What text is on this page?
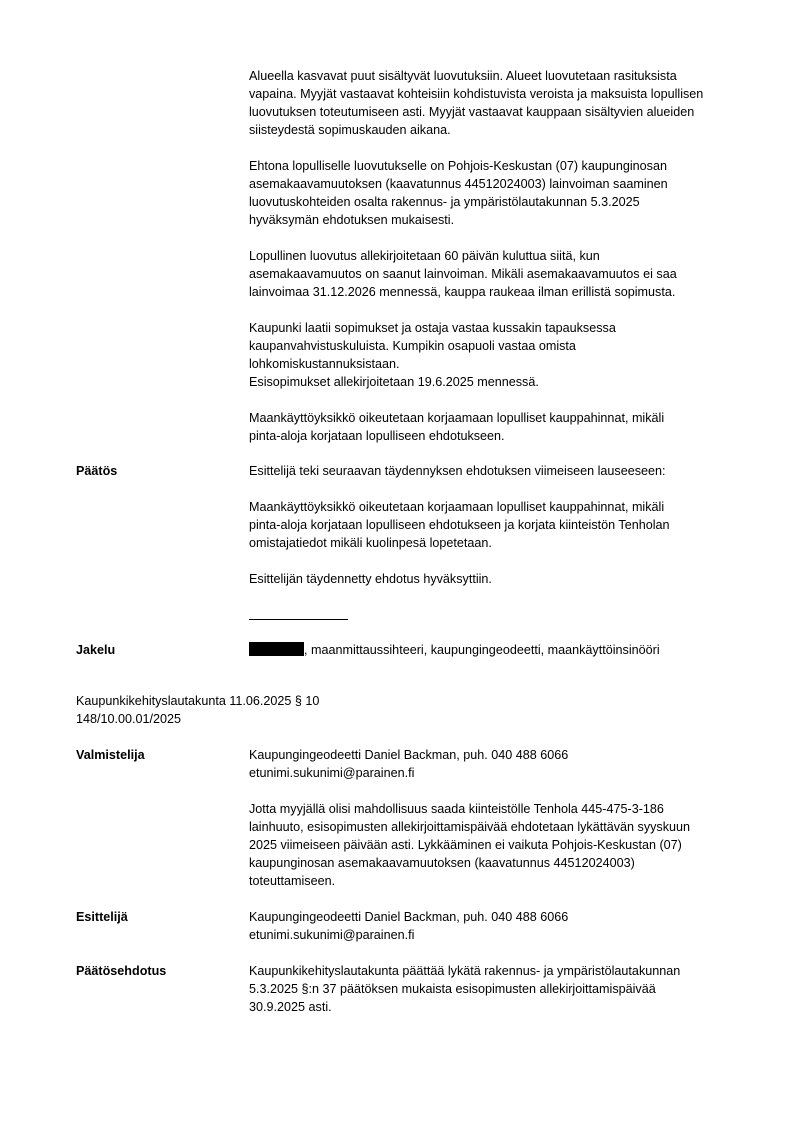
Alueella kasvavat puut sisältyvät luovutuksiin. Alueet luovutetaan rasituksista
vapaina. Myyjät vastaavat kohteisiin kohdistuvista veroista ja maksuista lopullisen
luovutuksen toteutumiseen asti. Myyjät vastaavat kauppaan sisältyvien alueiden
siisteydestä sopimuskauden aikana.
Ehtona lopulliselle luovutukselle on Pohjois-Keskustan (07) kaupunginosan
asemakaavamuutoksen (kaavatunnus 44512024003) lainvoiman saaminen
luovutuskohteiden osalta rakennus- ja ympäristölautakunnan 5.3.2025
hyväksymän ehdotuksen mukaisesti.
Lopullinen luovutus allekirjoitetaan 60 päivän kuluttua siitä, kun
asemakaavamuutos on saanut lainvoiman. Mikäli asemakaavamuutos ei saa
lainvoimaa 31.12.2026 mennessä, kauppa raukeaa ilman erillistä sopimusta.
Kaupunki laatii sopimukset ja ostaja vastaa kussakin tapauksessa
kaupanvahvistuskuluista. Kumpikin osapuoli vastaa omista
lohkomiskustannuksistaan.
Esisopimukset allekirjoitetaan 19.6.2025 mennessä.
Maankäyttöyksikkö oikeutetaan korjaamaan lopulliset kauppahinnat, mikäli
pinta-aloja korjataan lopulliseen ehdotukseen.

Päätös	Esittelijä teki seuraavan täydennyksen ehdotuksen viimeiseen lauseeseen:
Maankäyttöyksikkö oikeutetaan korjaamaan lopulliset kauppahinnat, mikäli
pinta-aloja korjataan lopulliseen ehdotukseen ja korjata kiinteistön Tenholan
omistajatiedot mikäli kuolinpesä lopetetaan.
Esittelijän täydennetty ehdotus hyväksyttiin.

Jakelu	, maanmittaussihteeri, kaupungingeodeetti, maankäyttöinsinööri

Kaupunkikehityslautakunta 11.06.2025 § 10

148/10.00.01/2025

Valmistelija	Kaupungingeodeetti Daniel Backman, puh. 040 488 6066
etunimi.sukunimi@parainen.fi
Jotta myyjällä olisi mahdollisuus saada kiinteistölle Tenhola 445-475-3-186
lainhuuto, esisopimusten allekirjoittamispäivää ehdotetaan lykättävän syyskuun
2025 viimeiseen päivään asti. Lykkääminen ei vaikuta Pohjois-Keskustan (07)
kaupunginosan asemakaavamuutoksen (kaavatunnus 44512024003)
toteuttamiseen.

Esittelijä	Kaupungingeodeetti Daniel Backman, puh. 040 488 6066
etunimi.sukunimi@parainen.fi

Päätösehdotus	Kaupunkikehityslautakunta päättää lykätä rakennus- ja ympäristölautakunnan
5.3.2025 §:n 37 päätöksen mukaista esisopimusten allekirjoittamispäivää
30.9.2025 asti.
